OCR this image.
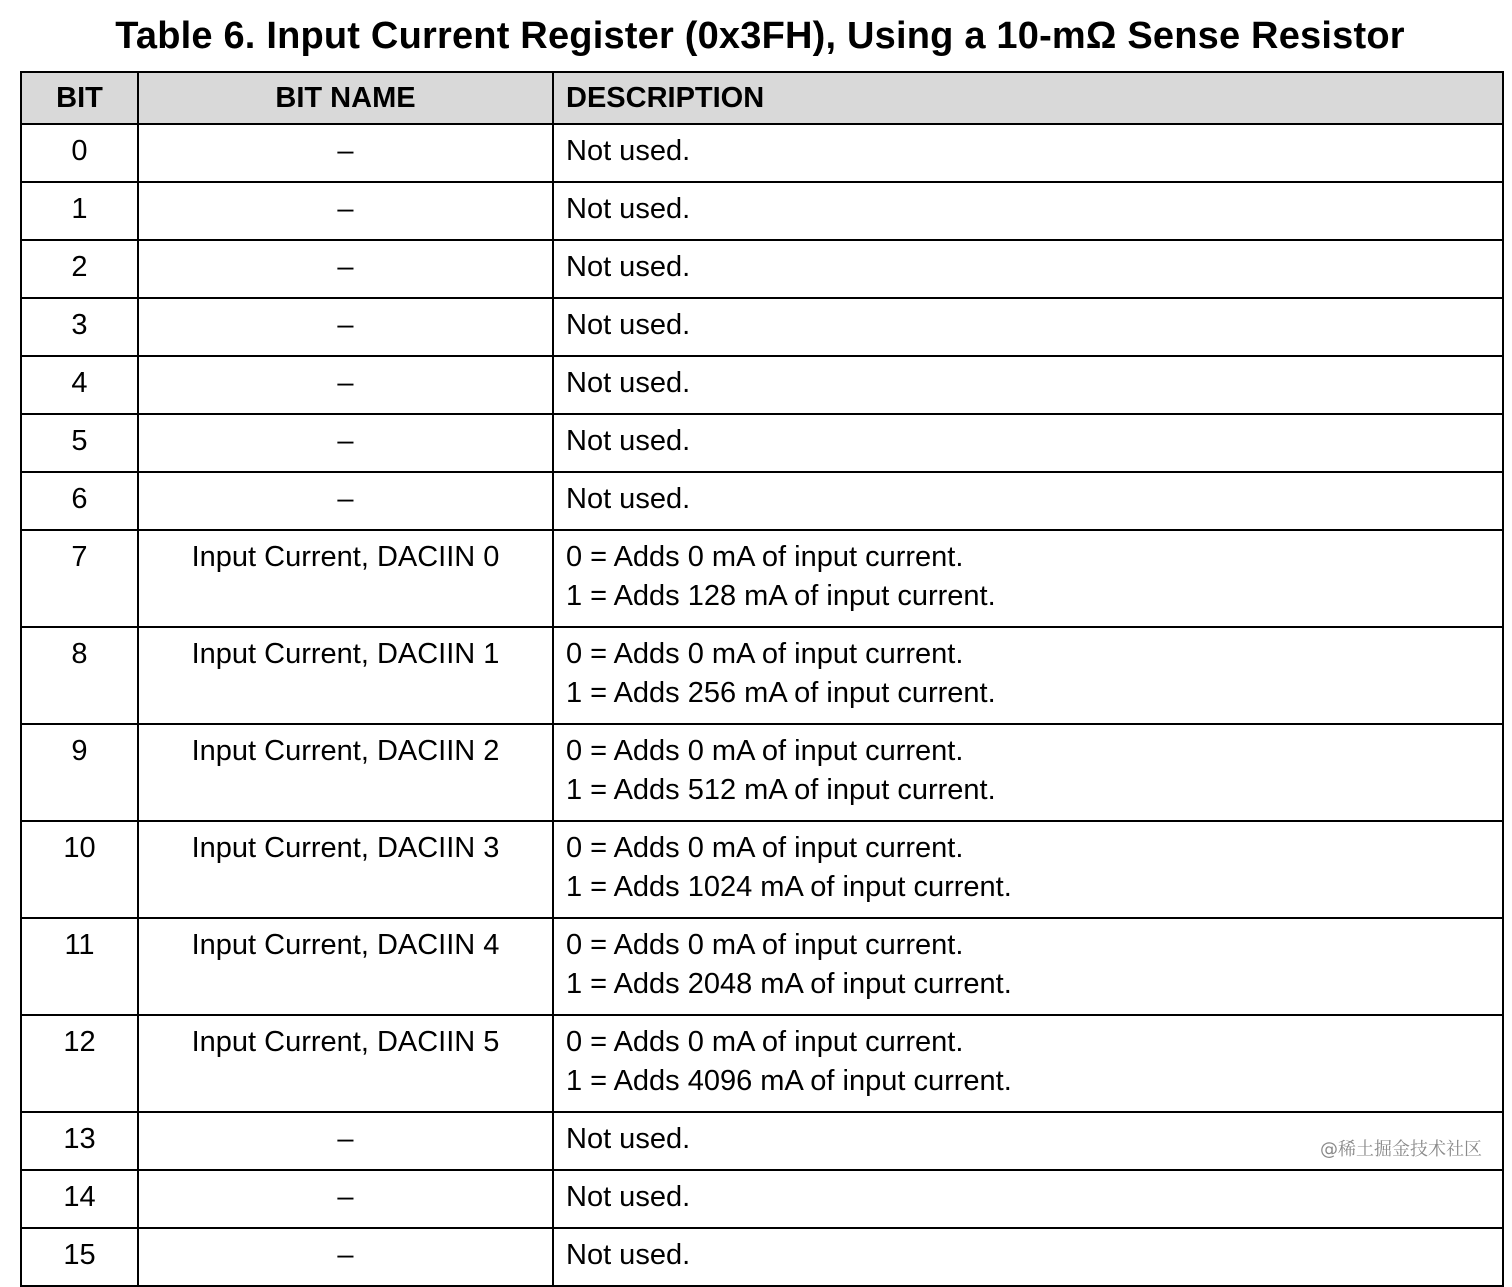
Table 6. Input Current Register (0x3FH), Using a 10-mΩ Sense Resistor
BIT	BIT NAME	DESCRIPTION

0	–	Not used.

1	–	Not used.

2	–	Not used.

3	–	Not used.

4	–	Not used.

5	–	Not used.

6	–	Not used.

7	Input Current, DACIIN 0	0 = Adds 0 mA of input current.
1 = Adds 128 mA of input current.

8	Input Current, DACIIN 1	0 = Adds 0 mA of input current.
1 = Adds 256 mA of input current.

9	Input Current, DACIIN 2	0 = Adds 0 mA of input current.
1 = Adds 512 mA of input current.

10	Input Current, DACIIN 3	0 = Adds 0 mA of input current.
1 = Adds 1024 mA of input current.

11	Input Current, DACIIN 4	0 = Adds 0 mA of input current.
1 = Adds 2048 mA of input current.

12	Input Current, DACIIN 5	0 = Adds 0 mA of input current.
1 = Adds 4096 mA of input current.

13	–	Not used.

14	–	Not used.

15	–	Not used.
@稀土掘金技术社区
